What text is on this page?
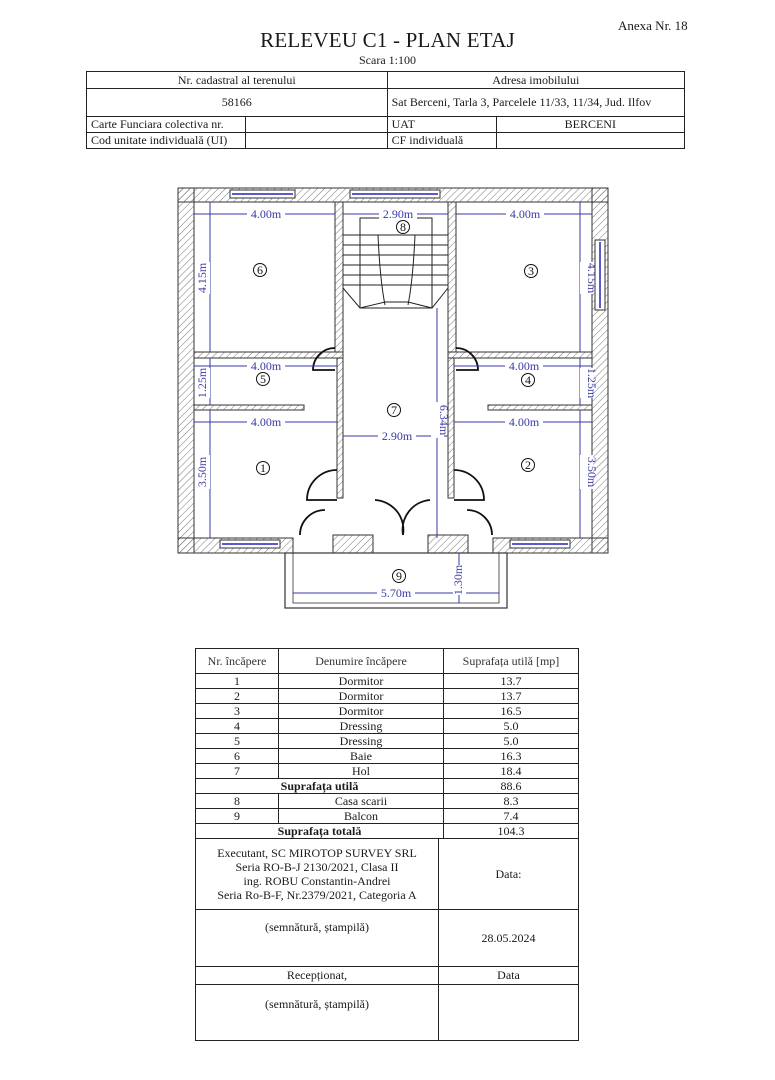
Anexa Nr. 18
RELEVEU C1 - PLAN ETAJ
Scara 1:100
Nr. cadastral al terenului		Adresa imobilului	
58166		Sat Berceni, Tarla 3, Parcelele 11/33, 11/34, Jud. Ilfov	
Carte Funciara colectiva nr.		UAT	BERCENI
Cod unitate individuală (UI)		CF individuală	
4.00m
4.15m
2.90m	4.00m
4.15m
4.00m
1.25m
4.00m
1.25m
4.00m
3.50m
4.00m
3.50m
2.90m
6.34m
5.70m	1.30m
1	2
3
4
5
6
7
8
9
Nr. încăpere	Denumire încăpere	Suprafața utilă [mp]
1	Dormitor	13.7
2	Dormitor	13.7
3	Dormitor	16.5
4	Dressing	5.0
5	Dressing	5.0
6	Baie	16.3
7	Hol	18.4
Suprafața utilă		88.6
8	Casa scarii	8.3
9	Balcon	7.4
Suprafața totală		104.3
Executant, SC MIROTOP SURVEY SRL
Seria RO-B-J 2130/2021, Clasa II
ing. ROBU Constantin-Andrei
Seria Ro-B-F, Nr.2379/2021, Categoria A	Data:
(semnătură, ștampilă)	28.05.2024
Recepționat,	Data
(semnătură, ștampilă)	
